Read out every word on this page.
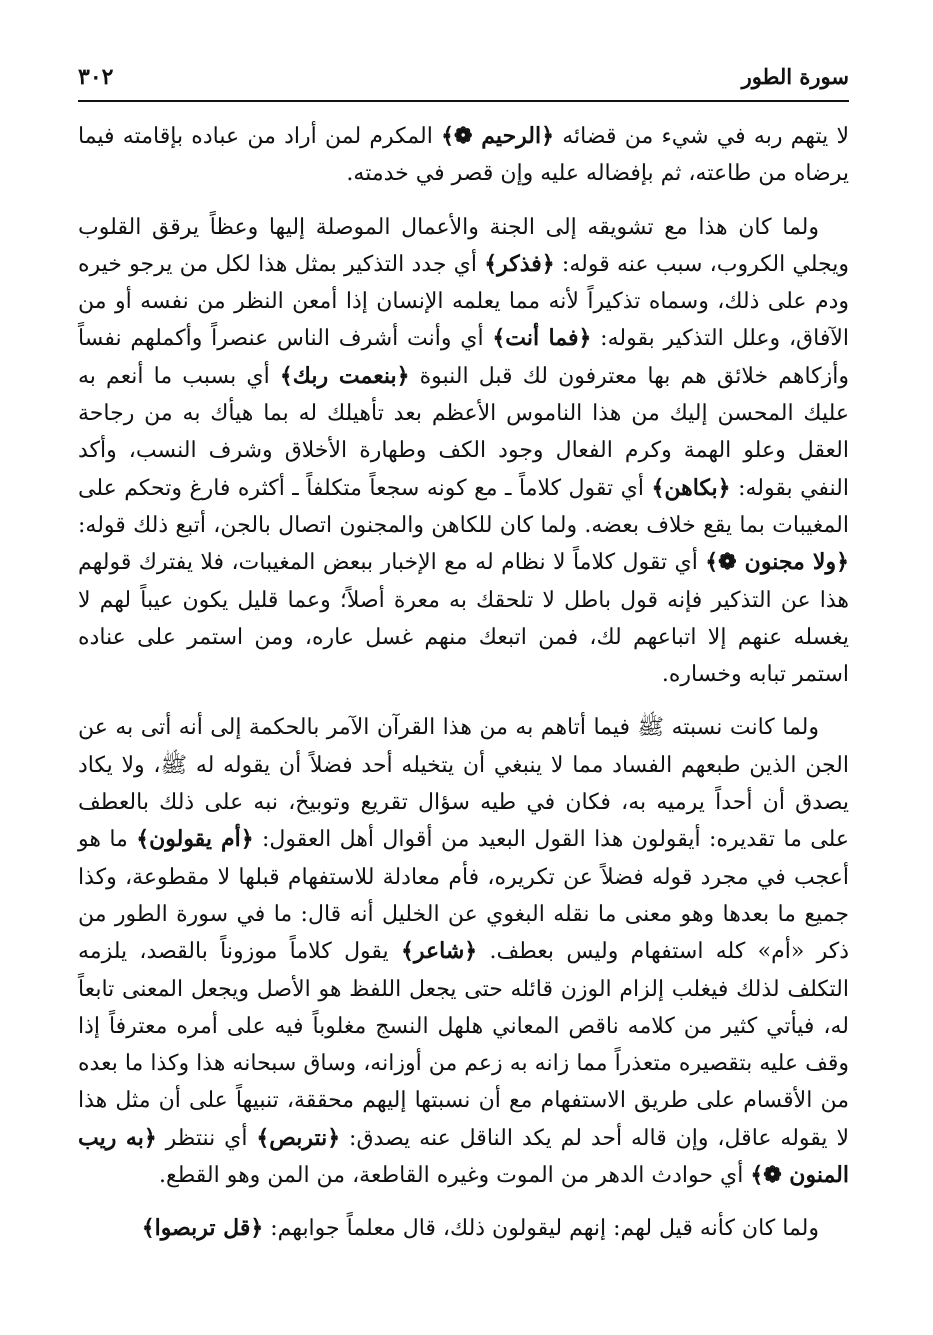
٣٠٢	سورة الطور

لا يتهم ربه في شيء من قضائه ﴿الرحيم ❁﴾ المكرم لمن أراد من عباده بإقامته فيما يرضاه من طاعته، ثم بإفضاله عليه وإن قصر في خدمته.

ولما كان هذا مع تشويقه إلى الجنة والأعمال الموصلة إليها وعظاً يرقق القلوب ويجلي الكروب، سبب عنه قوله: ﴿فذكر﴾ أي جدد التذكير بمثل هذا لكل من يرجو خيره ودم على ذلك، وسماه تذكيراً لأنه مما يعلمه الإنسان إذا أمعن النظر من نفسه أو من الآفاق، وعلل التذكير بقوله: ﴿فما أنت﴾ أي وأنت أشرف الناس عنصراً وأكملهم نفساً وأزكاهم خلائق هم بها معترفون لك قبل النبوة ﴿بنعمت ربك﴾ أي بسبب ما أنعم به عليك المحسن إليك من هذا الناموس الأعظم بعد تأهيلك له بما هيأك به من رجاحة العقل وعلو الهمة وكرم الفعال وجود الكف وطهارة الأخلاق وشرف النسب، وأكد النفي بقوله: ﴿بكاهن﴾ أي تقول كلاماً ـ مع كونه سجعاً متكلفاً ـ أكثره فارغ وتحكم على المغيبات بما يقع خلاف بعضه. ولما كان للكاهن والمجنون اتصال بالجن، أتبع ذلك قوله: ﴿ولا مجنون ❁﴾ أي تقول كلاماً لا نظام له مع الإخبار ببعض المغيبات، فلا يفترك قولهم هذا عن التذكير فإنه قول باطل لا تلحقك به معرة أصلاً؛ وعما قليل يكون عيباً لهم لا يغسله عنهم إلا اتباعهم لك، فمن اتبعك منهم غسل عاره، ومن استمر على عناده استمر تبابه وخساره.

ولما كانت نسبته ﷺ فيما أتاهم به من هذا القرآن الآمر بالحكمة إلى أنه أتى به عن الجن الذين طبعهم الفساد مما لا ينبغي أن يتخيله أحد فضلاً أن يقوله له ﷺ، ولا يكاد يصدق أن أحداً يرميه به، فكان في طيه سؤال تقريع وتوبيخ، نبه على ذلك بالعطف على ما تقديره: أيقولون هذا القول البعيد من أقوال أهل العقول: ﴿أم يقولون﴾ ما هو أعجب في مجرد قوله فضلاً عن تكريره، فأم معادلة للاستفهام قبلها لا مقطوعة، وكذا جميع ما بعدها وهو معنى ما نقله البغوي عن الخليل أنه قال: ما في سورة الطور من ذكر «أم» كله استفهام وليس بعطف. ﴿شاعر﴾ يقول كلاماً موزوناً بالقصد، يلزمه التكلف لذلك فيغلب إلزام الوزن قائله حتى يجعل اللفظ هو الأصل ويجعل المعنى تابعاً له، فيأتي كثير من كلامه ناقص المعاني هلهل النسج مغلوباً فيه على أمره معترفاً إذا وقف عليه بتقصيره متعذراً مما زانه به زعم من أوزانه، وساق سبحانه هذا وكذا ما بعده من الأقسام على طريق الاستفهام مع أن نسبتها إليهم محققة، تنبيهاً على أن مثل هذا لا يقوله عاقل، وإن قاله أحد لم يكد الناقل عنه يصدق: ﴿نتربص﴾ أي ننتظر ﴿به ريب المنون ❁﴾ أي حوادث الدهر من الموت وغيره القاطعة، من المن وهو القطع.

ولما كان كأنه قيل لهم: إنهم ليقولون ذلك، قال معلماً جوابهم: ﴿قل تربصوا﴾
